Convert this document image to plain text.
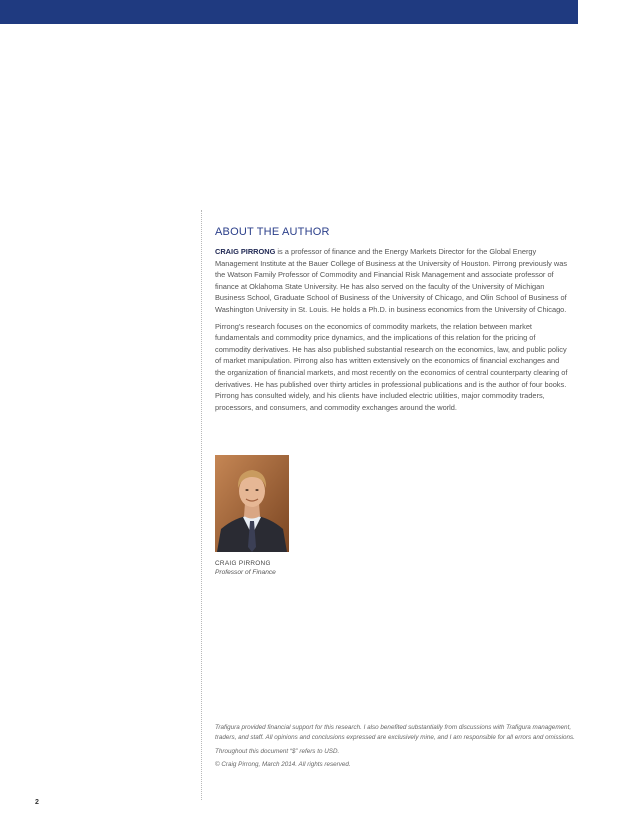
ABOUT THE AUTHOR

CRAIG PIRRONG is a professor of finance and the Energy Markets Director for the Global Energy Management Institute at the Bauer College of Business at the University of Houston. Pirrong previously was the Watson Family Professor of Commodity and Financial Risk Management and associate professor of finance at Oklahoma State University. He has also served on the faculty of the University of Michigan Business School, Graduate School of Business of the University of Chicago, and Olin School of Business of Washington University in St. Louis. He holds a Ph.D. in business economics from the University of Chicago.

Pirrong’s research focuses on the economics of commodity markets, the relation between market fundamentals and commodity price dynamics, and the implications of this relation for the pricing of commodity derivatives. He has also published substantial research on the economics, law, and public policy of market manipulation. Pirrong also has written extensively on the economics of financial exchanges and the organization of financial markets, and most recently on the economics of central counterparty clearing of derivatives. He has published over thirty articles in professional publications and is the author of four books. Pirrong has consulted widely, and his clients have included electric utilities, major commodity traders, processors, and consumers, and commodity exchanges around the world.

CRAIG PIRRONG
Professor of Finance

Trafigura provided financial support for this research. I also benefited substantially from discussions with Trafigura management, traders, and staff. All opinions and conclusions expressed are exclusively mine, and I am responsible for all errors and omissions.

Throughout this document “$” refers to USD.

© Craig Pirrong, March 2014. All rights reserved.

2
